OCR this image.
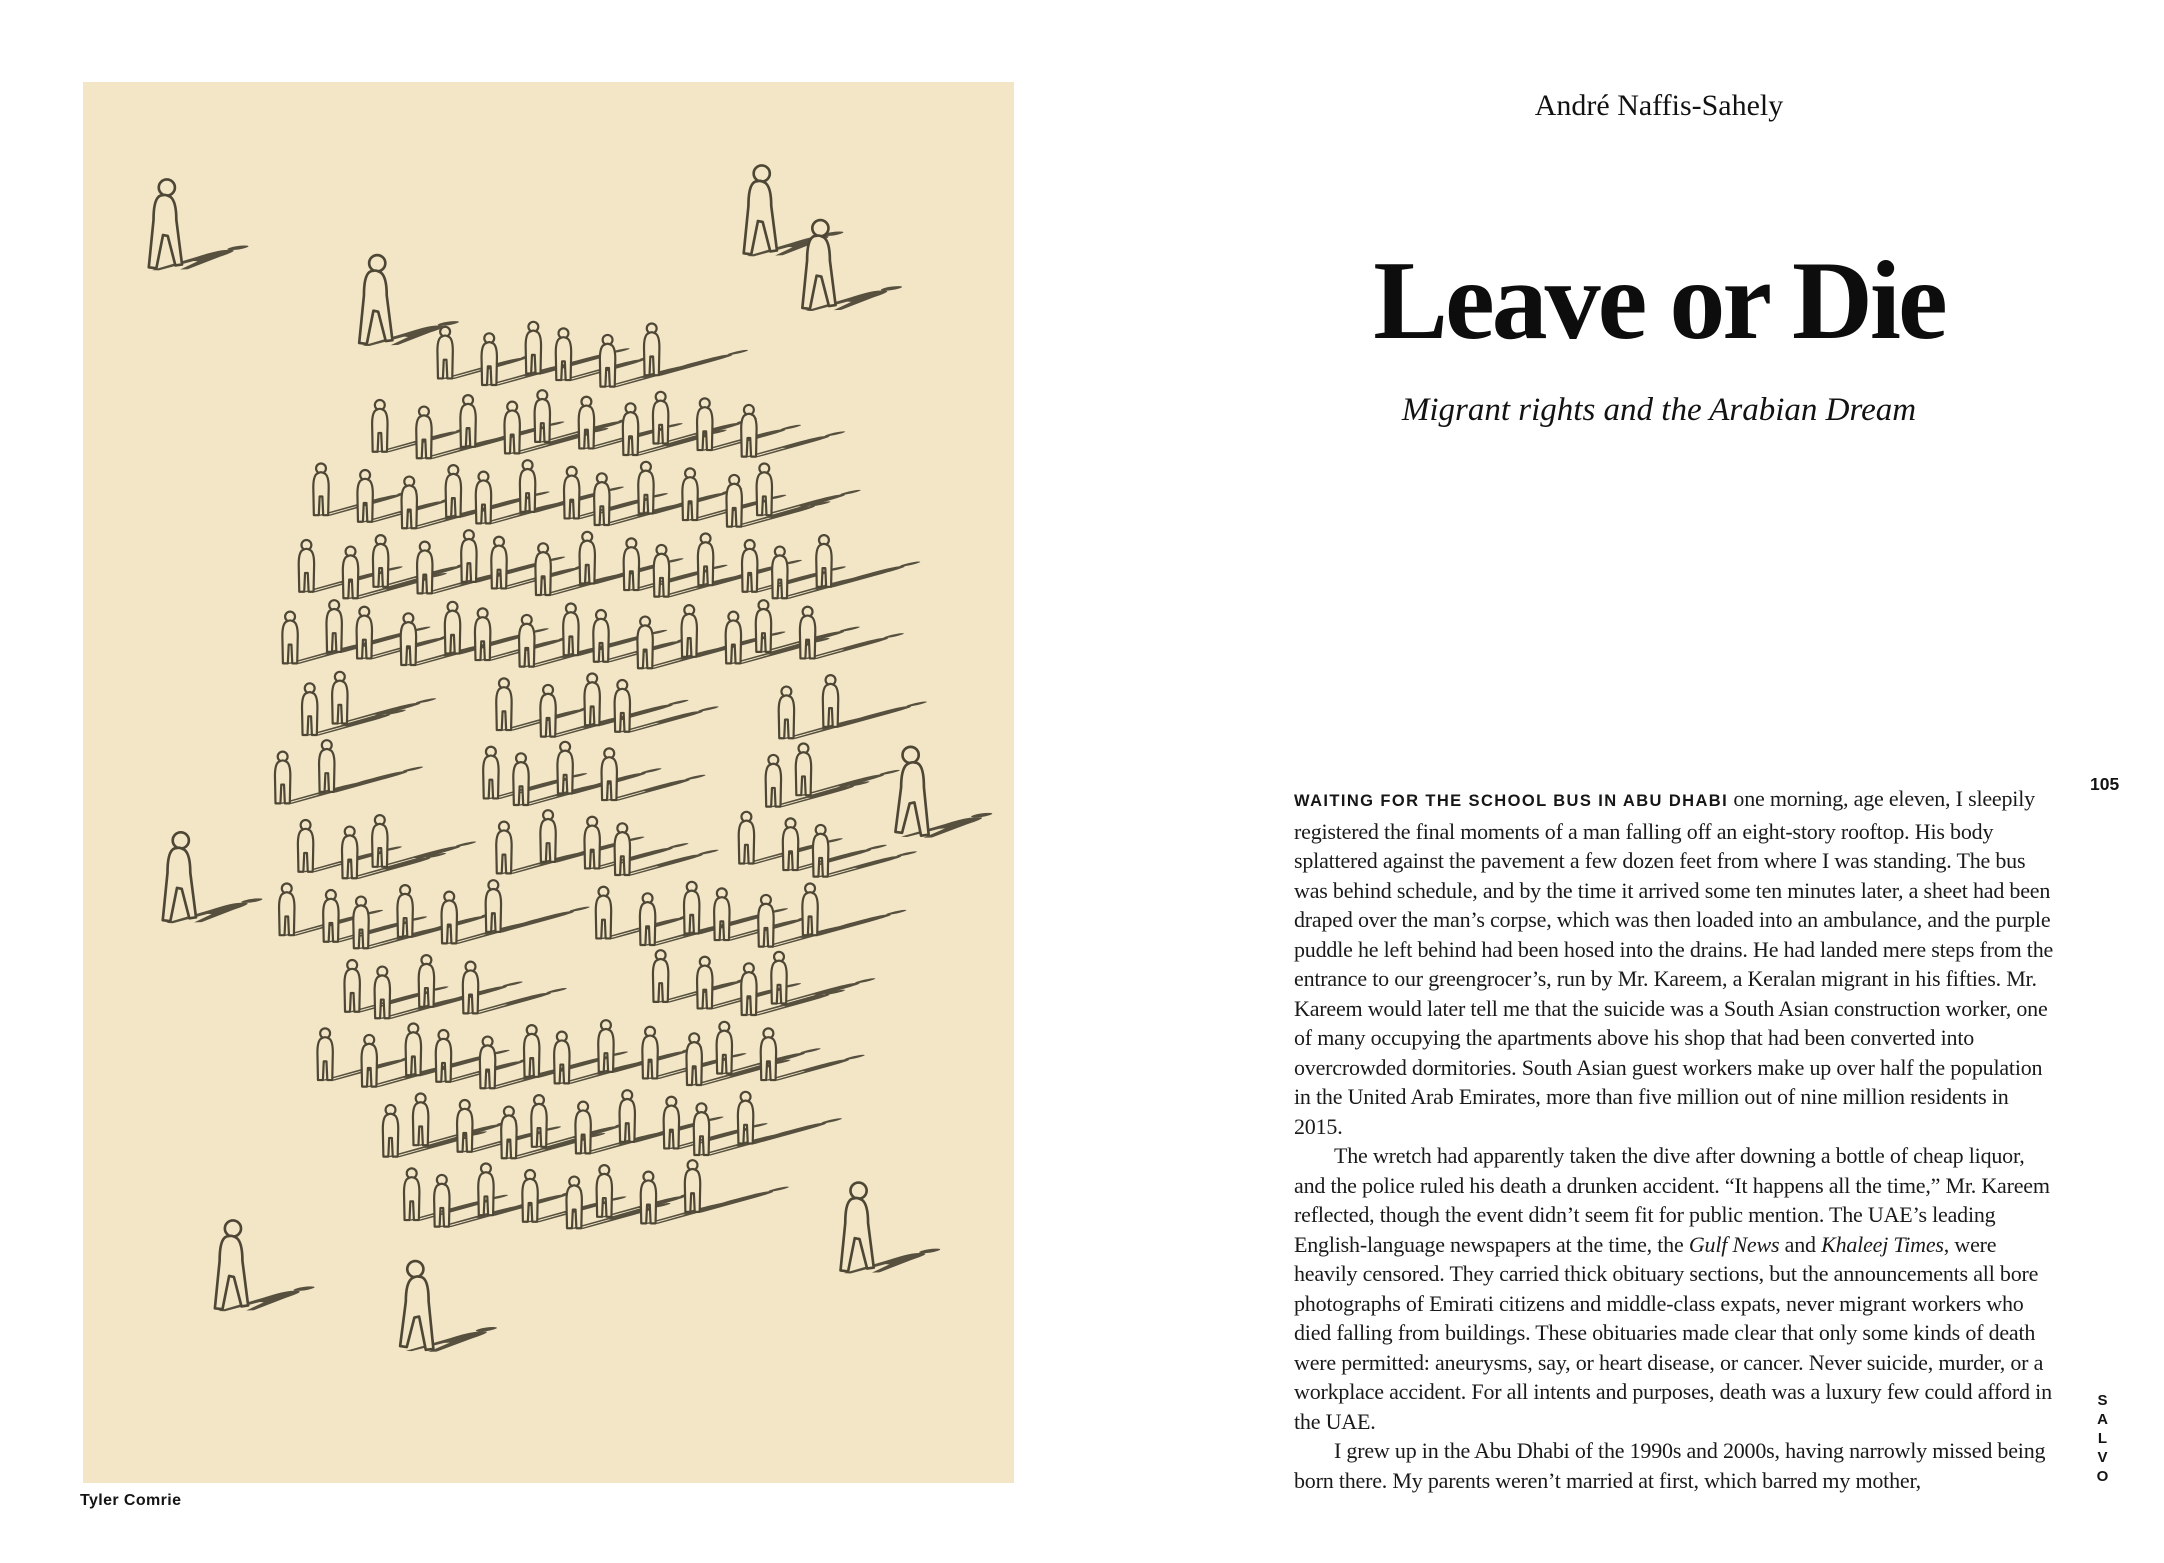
Tyler Comrie
André Naffis-Sahely
Leave or Die
Migrant rights and the Arabian Dream
105

WAITING FOR THE SCHOOL BUS IN ABU DHABI one morning, age eleven, I sleepily registered the final moments of a man falling off an eight-story rooftop. His body splattered against the pavement a few dozen feet from where I was standing. The bus was behind schedule, and by the time it arrived some ten minutes later, a sheet had been draped over the man’s corpse, which was then loaded into an ambulance, and the purple puddle he left behind had been hosed into the drains. He had landed mere steps from the entrance to our greengrocer’s, run by Mr. Kareem, a Keralan migrant in his fifties. Mr. Kareem would later tell me that the suicide was a South Asian construction worker, one of many occupying the apartments above his shop that had been converted into overcrowded dormitories. South Asian guest workers make up over half the population in the United Arab Emirates, more than five million out of nine million residents in 2015.

The wretch had apparently taken the dive after downing a bottle of cheap liquor, and the police ruled his death a drunken accident. “It happens all the time,” Mr. Kareem reflected, though the event didn’t seem fit for public mention. The UAE’s leading English-language newspapers at the time, the Gulf News and Khaleej Times, were heavily censored. They carried thick obituary sections, but the announcements all bore photographs of Emirati citizens and middle-class expats, never migrant workers who died falling from buildings. These obituaries made clear that only some kinds of death were permitted: aneurysms, say, or heart disease, or cancer. Never suicide, murder, or a workplace accident. For all intents and purposes, death was a luxury few could afford in the UAE.

I grew up in the Abu Dhabi of the 1990s and 2000s, having narrowly missed being born there. My parents weren’t married at first, which barred my mother,	SALVO
